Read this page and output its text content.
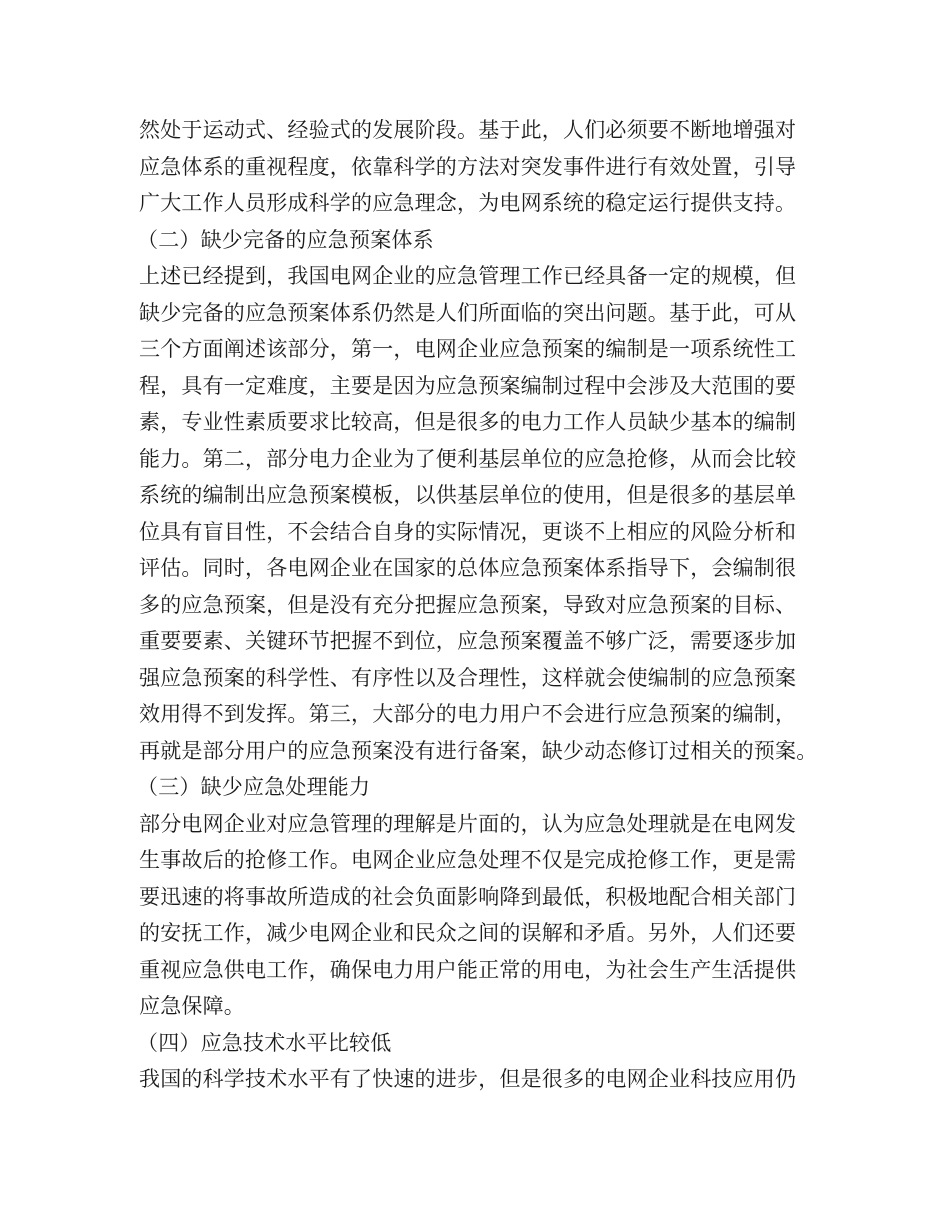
然处于运动式、经验式的发展阶段。基于此，人们必须要不断地增强对
应急体系的重视程度，依靠科学的方法对突发事件进行有效处置，引导
广大工作人员形成科学的应急理念，为电网系统的稳定运行提供支持。
（二）缺少完备的应急预案体系
上述已经提到，我国电网企业的应急管理工作已经具备一定的规模，但
缺少完备的应急预案体系仍然是人们所面临的突出问题。基于此，可从
三个方面阐述该部分，第一，电网企业应急预案的编制是一项系统性工
程，具有一定难度，主要是因为应急预案编制过程中会涉及大范围的要
素，专业性素质要求比较高，但是很多的电力工作人员缺少基本的编制
能力。第二，部分电力企业为了便利基层单位的应急抢修，从而会比较
系统的编制出应急预案模板，以供基层单位的使用，但是很多的基层单
位具有盲目性，不会结合自身的实际情况，更谈不上相应的风险分析和
评估。同时，各电网企业在国家的总体应急预案体系指导下，会编制很
多的应急预案，但是没有充分把握应急预案，导致对应急预案的目标、
重要要素、关键环节把握不到位，应急预案覆盖不够广泛，需要逐步加
强应急预案的科学性、有序性以及合理性，这样就会使编制的应急预案
效用得不到发挥。第三，大部分的电力用户不会进行应急预案的编制，
再就是部分用户的应急预案没有进行备案，缺少动态修订过相关的预案。
（三）缺少应急处理能力
部分电网企业对应急管理的理解是片面的，认为应急处理就是在电网发
生事故后的抢修工作。电网企业应急处理不仅是完成抢修工作，更是需
要迅速的将事故所造成的社会负面影响降到最低，积极地配合相关部门
的安抚工作，减少电网企业和民众之间的误解和矛盾。另外，人们还要
重视应急供电工作，确保电力用户能正常的用电，为社会生产生活提供
应急保障。
（四）应急技术水平比较低
我国的科学技术水平有了快速的进步，但是很多的电网企业科技应用仍
